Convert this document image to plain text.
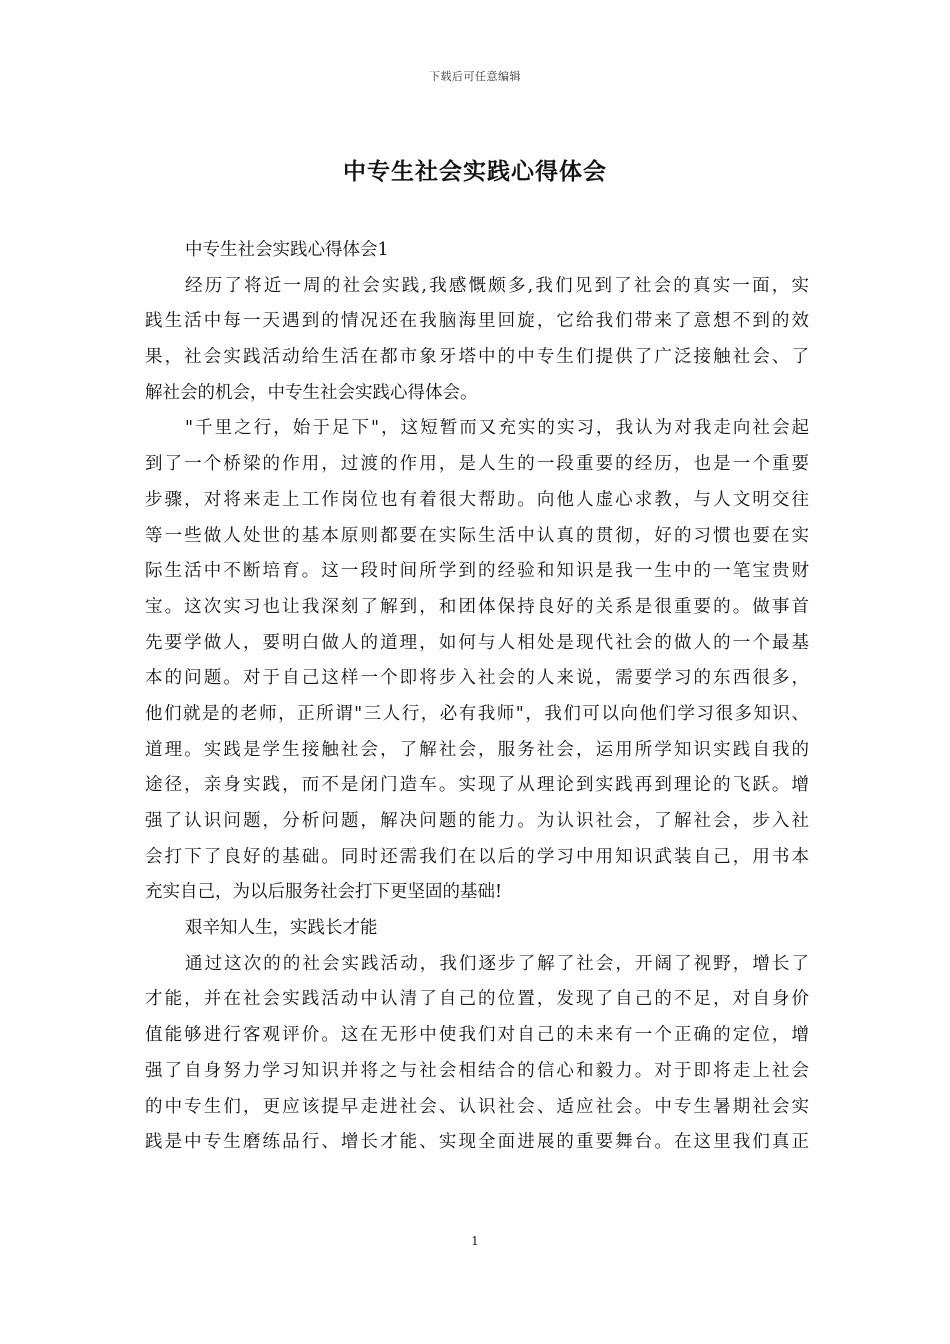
下载后可任意编辑
中专生社会实践心得体会
中专生社会实践心得体会1
经历了将近一周的社会实践,我感慨颇多,我们见到了社会的真实一面，实
践生活中每一天遇到的情况还在我脑海里回旋，它给我们带来了意想不到的效
果，社会实践活动给生活在都市象牙塔中的中专生们提供了广泛接触社会、了
解社会的机会，中专生社会实践心得体会。
"千里之行，始于足下"，这短暂而又充实的实习，我认为对我走向社会起
到了一个桥梁的作用，过渡的作用，是人生的一段重要的经历，也是一个重要
步骤，对将来走上工作岗位也有着很大帮助。向他人虚心求教，与人文明交往
等一些做人处世的基本原则都要在实际生活中认真的贯彻，好的习惯也要在实
际生活中不断培育。这一段时间所学到的经验和知识是我一生中的一笔宝贵财
宝。这次实习也让我深刻了解到，和团体保持良好的关系是很重要的。做事首
先要学做人，要明白做人的道理，如何与人相处是现代社会的做人的一个最基
本的问题。对于自己这样一个即将步入社会的人来说，需要学习的东西很多，
他们就是的老师，正所谓"三人行，必有我师"，我们可以向他们学习很多知识、
道理。实践是学生接触社会，了解社会，服务社会，运用所学知识实践自我的
途径，亲身实践，而不是闭门造车。实现了从理论到实践再到理论的飞跃。增
强了认识问题，分析问题，解决问题的能力。为认识社会，了解社会，步入社
会打下了良好的基础。同时还需我们在以后的学习中用知识武装自己，用书本
充实自己，为以后服务社会打下更坚固的基础!
艰辛知人生，实践长才能
通过这次的的社会实践活动，我们逐步了解了社会，开阔了视野，增长了
才能，并在社会实践活动中认清了自己的位置，发现了自己的不足，对自身价
值能够进行客观评价。这在无形中使我们对自己的未来有一个正确的定位，增
强了自身努力学习知识并将之与社会相结合的信心和毅力。对于即将走上社会
的中专生们，更应该提早走进社会、认识社会、适应社会。中专生暑期社会实
践是中专生磨练品行、增长才能、实现全面进展的重要舞台。在这里我们真正
1
